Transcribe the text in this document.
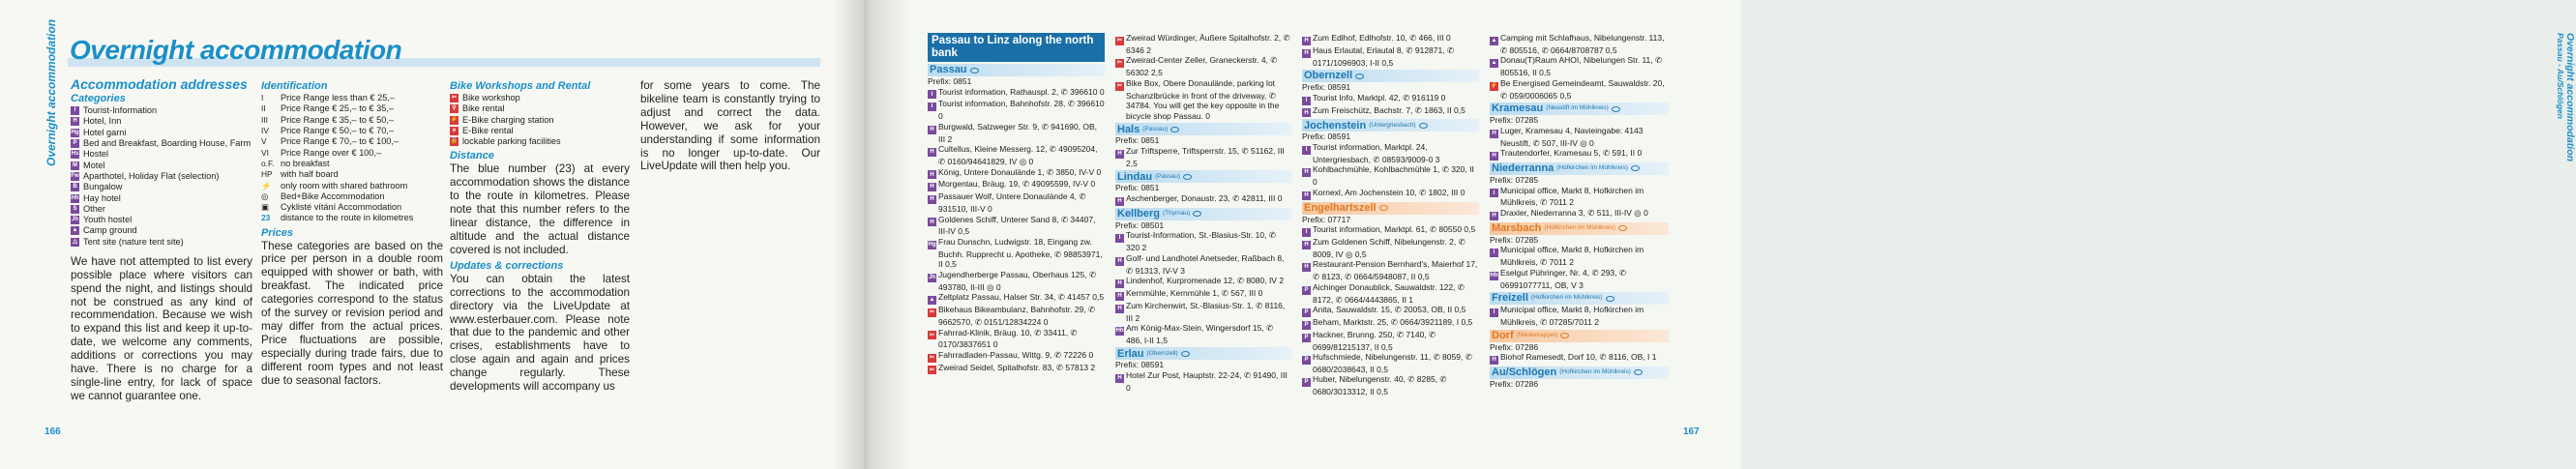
Overnight accommodation Overnight accommodation
Accommodation addresses
Categories
I Tourist-Information
H Hotel, Inn
Hg Hotel garni
P Bed and Breakfast, Boarding House, Farm
Hs Hostel
M Motel
Fw Aparthotel, Holiday Flat (selection)
B Bungalow
Hh Hay hotel
S Other
Jh Youth hostel
▲ Camp ground
△ Tent site (nature tent site)
We have not attempted to list every possible place where visitors can spend the night, and listings should not be construed as any kind of recommendation. Because we wish to expand this list and keep it up-to-date, we welcome any comments, additions or corrections you may have. There is no charge for a single-line entry, for lack of space we cannot guarantee one.
Identification
I	Price Range less than € 25,–
II	Price Range € 25,– to € 35,–
III	Price Range € 35,– to € 50,–
IV	Price Range € 50,– to € 70,–
V	Price Range € 70,– to € 100,–
VI	Price Range over € 100,–
o.F. no breakfast
HP with half board
⚡	only room with shared bathroom
◎	Bed+Bike Accommodation
▣	Cyklisté vítání Accommodation
23	distance to the route in kilometres
Prices
These categories are based on the price per person in a double room equipped with shower or bath, with breakfast. The indicated price categories correspond to the status of the survey or revision period and may differ from the actual prices. Price fluctuations are possible, especially during trade fairs, due to different room types and not least due to seasonal factors.
Bike Workshops and Rental
✂ Bike workshop
⚲ Bike rental
⚡ E-Bike charging station
e E-Bike rental
🔒 lockable parking facilities
Distance
The blue number (23) at every accommodation shows the distance to the route in kilometres. Please note that this number refers to the linear distance, the difference in altitude and the actual distance covered is not included.
Updates & corrections
You can obtain the latest corrections to the accommodation directory via the LiveUpdate at www.esterbauer.com. Please note that due to the pandemic and other crises, establishments have to close again and again and prices change regularly. These developments will accompany us
for some years to come. The bikeline team is constantly trying to adjust and correct the data. However, we ask for your understanding if some information is no longer up-to-date. Our LiveUpdate will then help you.
166
Overnight accommodation
Passau - Au/Schlögen
Passau to Linz along the north bank
Passau
Prefix: 0851
I Tourist information, Rathauspl. 2, ✆ 396610 0
I Tourist information, Bahnhofstr. 28, ✆ 396610 0
H Burgwald, Salzweger Str. 9, ✆ 941690, OB, III 2
H Cultellus, Kleine Messerg. 12, ✆ 49095204, ✆ 0160/94641829, IV ◎ 0
H König, Untere Donaulände 1, ✆ 3850, IV-V 0
H Morgentau, Bräug. 19, ✆ 49095599, IV-V 0
H Passauer Wolf, Untere Donaulände 4, ✆ 931510, III-V 0
H Goldenes Schiff, Unterer Sand 8, ✆ 34407, III-IV 0,5
Hg Frau Dunschn, Ludwigstr. 18, Eingang zw. Buchh. Rupprecht u. Apotheke, ✆ 98853971, II 0,5
Jh Jugendherberge Passau, Oberhaus 125, ✆ 493780, II-III ◎ 0
▲ Zeltplatz Passau, Halser Str. 34, ✆ 41457 0,5
✂ Bikehaus Bikeambulanz, Bahnhofstr. 29, ✆ 9662570, ✆ 0151/12834224 0
✂ Fahrrad-Klinik, Bräug. 10, ✆ 33411, ✆ 0170/3837651 0
✂ Fahrradladen-Passau, Wittg. 9, ✆ 72226 0
✂ Zweirad Seidel, Spitalhofstr. 83, ✆ 57813 2
✂ Zweirad Würdinger, Äußere Spitalhofstr. 2, ✆ 6346 2
✂ Zweirad-Center Zeller, Graneckerstr. 4, ✆ 56302 2,5
✂ Bike Box, Obere Donaulände, parking lot Schanzlbrücke in front of the driveway, ✆ 34784. You will get the key opposite in the bicycle shop Passau. 0
Hals (Passau)
Prefix: 0851
H Zur Triftsperre, Triftsperrstr. 15, ✆ 51162, III 2,5
Lindau (Passau)
Prefix: 0851
H Aschenberger, Donaustr. 23, ✆ 42811, III 0
Kellberg (Thyrnau)
Prefix: 08501
I Tourist-Information, St.-Blasius-Str. 10, ✆ 320 2
H Golf- und Landhotel Anetseder, Raßbach 8, ✆ 91313, IV-V 3
H Lindenhof, Kurpromenade 12, ✆ 8080, IV 2
H Kernmühle, Kernmühle 1, ✆ 567, III 0
H Zum Kirchenwirt, St.-Blasius-Str. 1, ✆ 8116, III 2
Hh Am König-Max-Stein, Wingersdorf 15, ✆ 486, I-II 1,5
Erlau (Obernzell)
Prefix: 08591
H Hotel Zur Post, Hauptstr. 22-24, ✆ 91490, III 0
H Zum Edlhof, Edlhofstr. 10, ✆ 466, III 0
H Haus Erlautal, Erlautal 8, ✆ 912871, ✆ 0171/1096903, I-II 0,5
Obernzell
Prefix: 08591
I Tourist Info, Marktpl. 42, ✆ 916119 0
H Zum Freischütz, Bachstr. 7, ✆ 1863, II 0,5
Jochenstein (Untergriesbach)
Prefix: 08591
I Tourist information, Marktpl. 24, Untergriesbach, ✆ 08593/9009-0 3
H Kohlbachmühle, Kohlbachmühle 1, ✆ 320, II 0
H Kornexl, Am Jochenstein 10, ✆ 1802, III 0
Engelhartszell
Prefix: 07717
I Tourist information, Marktpl. 61, ✆ 80550 0,5
H Zum Goldenen Schiff, Nibelungenstr. 2, ✆ 8009, IV ◎ 0,5
H Restaurant-Pension Bernhard's, Maierhof 17, ✆ 8123, ✆ 0664/5948087, II 0,5
P Aichinger Donaublick, Sauwaldstr. 122, ✆ 8172, ✆ 0664/4443865, II 1
P Anita, Sauwaldstr. 15, ✆ 20053, OB, II 0,5
P Beham, Marktstr. 25, ✆ 0664/3921189, I 0,5
P Hackner, Brunng. 250, ✆ 7140, ✆ 0699/81215137, II 0,5
P Hufschmiede, Nibelungenstr. 11, ✆ 8059, ✆ 0680/2038643, II 0,5
P Huber, Nibelungenstr. 40, ✆ 8285, ✆ 0680/3013312, II 0,5
▲ Camping mit Schlafhaus, Nibelungenstr. 113, ✆ 805516, ✆ 0664/8708787 0,5
▲ Donau(T)Raum AHOI, Nibelungen Str. 11, ✆ 805516, II 0,5
⚡ Be Energised Gemeindeamt, Sauwaldstr. 20, ✆ 059/0006065 0,5
Kramesau (Neustift im Mühlkreis)
Prefix: 07285
H Luger, Kramesau 4, Navieingabe: 4143 Neustift, ✆ 507, III-IV ◎ 0
H Trautendorfer, Kramesau 5, ✆ 591, II 0
Niederranna (Hofkirchen im Mühlkreis)
Prefix: 07285
I Municipal office, Markt 8, Hofkirchen im Mühlkreis, ✆ 7011 2
H Draxler, Niederranna 3, ✆ 511, III-IV ◎ 0
Marsbach (Hofkirchen im Mühlkreis)
Prefix: 07285
I Municipal office, Markt 8, Hofkirchen im Mühlkreis, ✆ 7011 2
Hh Eselgut Pühringer, Nr. 4, ✆ 293, ✆ 06991077711, OB, V 3
Freizell (Hofkirchen im Mühlkreis)
I Municipal office, Markt 8, Hofkirchen im Mühlkreis, ✆ 07285/7011 2
Dorf (Niederkappel)
Prefix: 07286
H Biohof Ramesedt, Dorf 10, ✆ 8116, OB, I 1
Au/Schlögen (Hofkirchen im Mühlkreis)
Prefix: 07286
167
